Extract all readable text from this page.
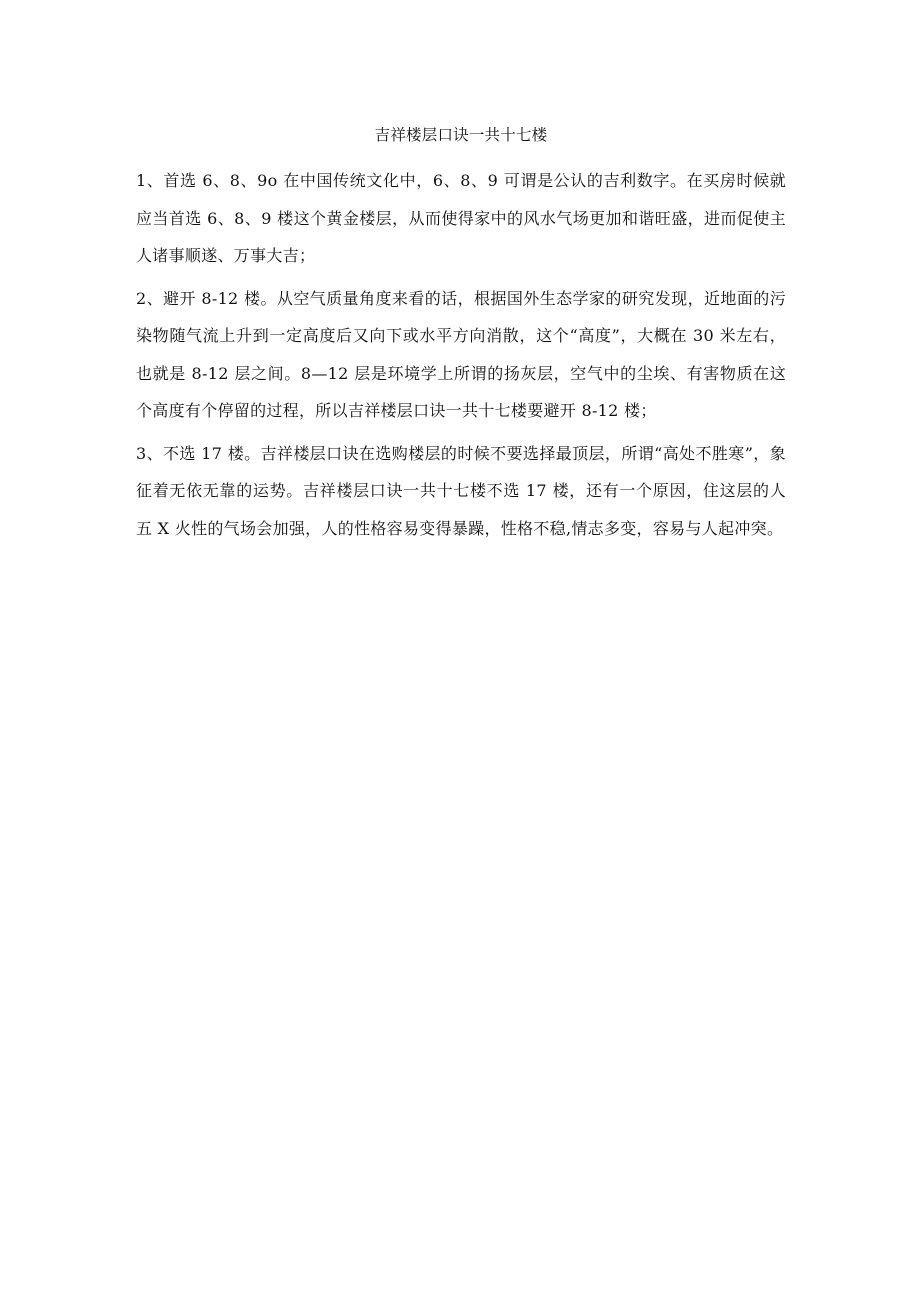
吉祥楼层口诀一共十七楼

1、首选 6、8、9o 在中国传统文化中，6、8、9 可谓是公认的吉利数字。在买房时候就应当首选 6、8、9 楼这个黄金楼层，从而使得家中的风水气场更加和谐旺盛，进而促使主人诸事顺遂、万事大吉；

2、避开 8-12 楼。从空气质量角度来看的话，根据国外生态学家的研究发现，近地面的污染物随气流上升到一定高度后又向下或水平方向消散，这个“高度”，大概在 30 米左右，也就是 8-12 层之间。8—12 层是环境学上所谓的扬灰层，空气中的尘埃、有害物质在这个高度有个停留的过程，所以吉祥楼层口诀一共十七楼要避开 8-12 楼；

3、不选 17 楼。吉祥楼层口诀在选购楼层的时候不要选择最顶层，所谓“高处不胜寒”，象征着无依无靠的运势。吉祥楼层口诀一共十七楼不选 17 楼，还有一个原因，住这层的人五 X 火性的气场会加强，人的性格容易变得暴躁，性格不稳,情志多变，容易与人起冲突。
